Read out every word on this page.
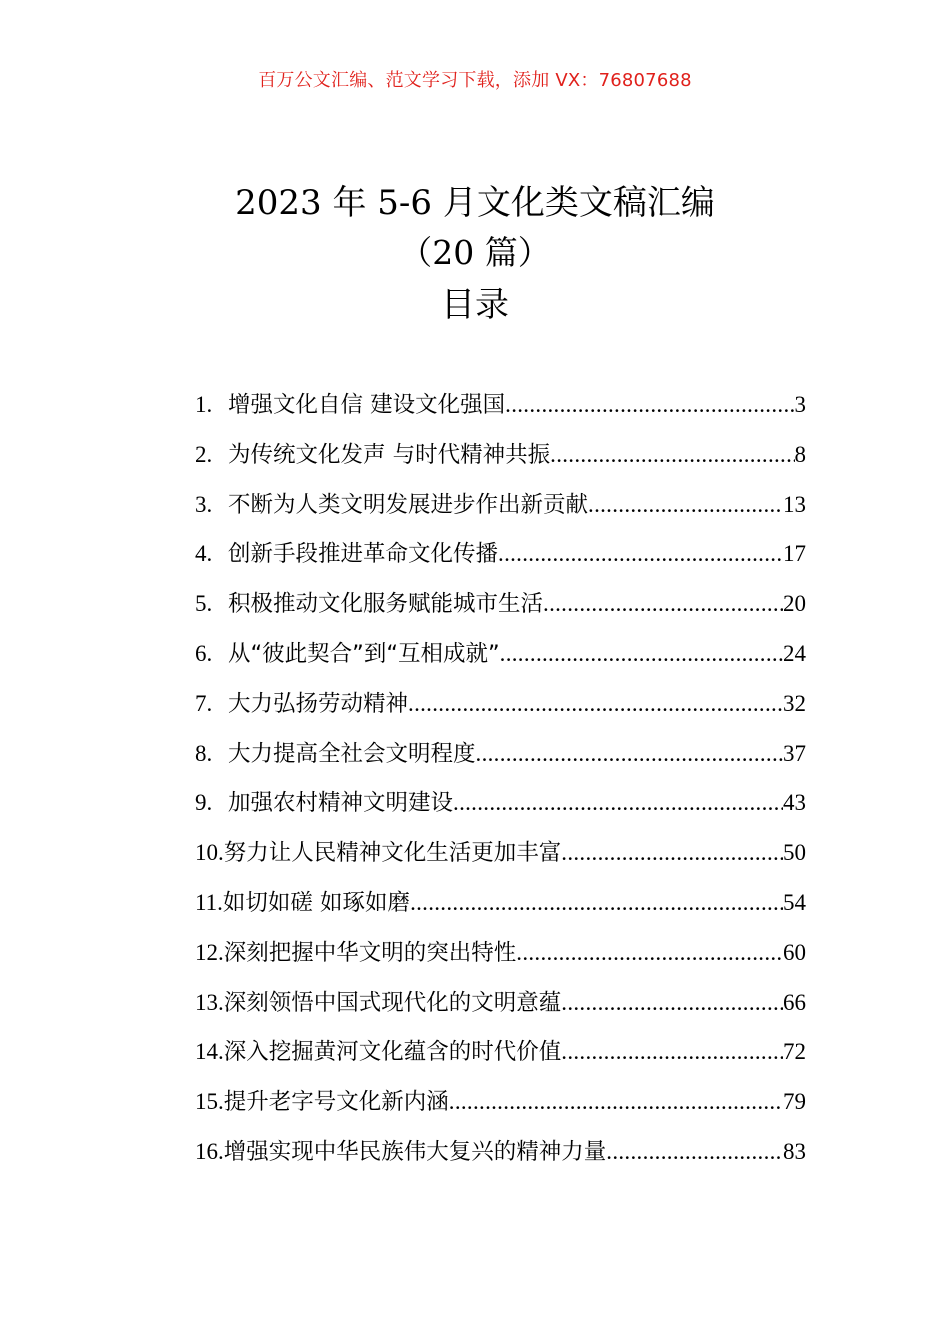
百万公文汇编、范文学习下载，添加 VX：76807688
2023 年 5-6 月文化类文稿汇编
（20 篇）
目录
1. 增强文化自信 建设文化强国 .....	3
2. 为传统文化发声 与时代精神共振 .....	8
3. 不断为人类文明发展进步作出新贡献 .....	13
4. 创新手段推进革命文化传播 .....	17
5. 积极推动文化服务赋能城市生活 .....	20
6. 从“彼此契合”到“互相成就” .....	24
7. 大力弘扬劳动精神 .....	32
8. 大力提高全社会文明程度 .....	37
9. 加强农村精神文明建设 .....	43
10. 努力让人民精神文化生活更加丰富 .....	50
11. 如切如磋 如琢如磨 .....	54
12. 深刻把握中华文明的突出特性 .....	60
13. 深刻领悟中国式现代化的文明意蕴 .....	66
14. 深入挖掘黄河文化蕴含的时代价值 .....	72
15. 提升老字号文化新内涵 .....	79
16. 增强实现中华民族伟大复兴的精神力量 .....	83
